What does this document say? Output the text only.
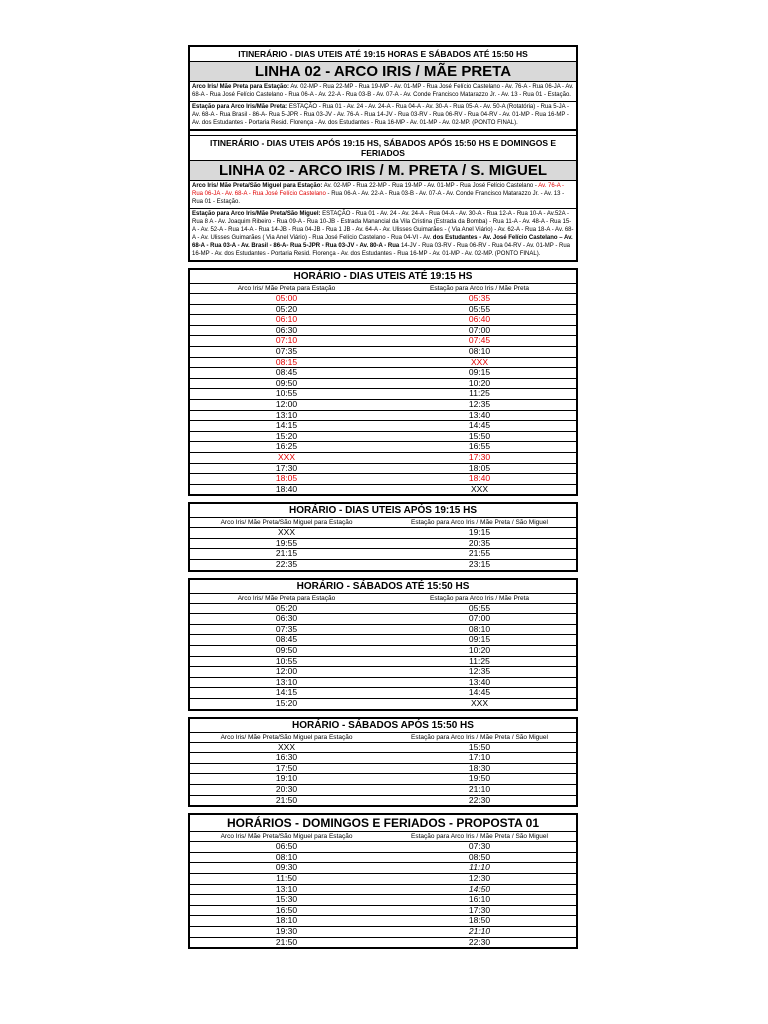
ITINERÁRIO - DIAS UTEIS ATÉ 19:15 HORAS E SÁBADOS ATÉ 15:50 HS
LINHA 02 - ARCO IRIS / MÃE PRETA
Arco Iris/ Mãe Preta para Estação: Av. 02-MP - Rua 22-MP - Rua 19-MP - Av. 01-MP - Rua José Felício Castelano - Av. 76-A - Rua 06-JA - Av. 68-A - Rua José Felício Castelano - Rua 06-A - Av. 22-A - Rua 03-B - Av. 07-A - Av. Conde Francisco Matarazzo Jr. - Av. 13 - Rua 01 - Estação.
Estação para Arco Iris/Mãe Preta: ESTAÇÃO - Rua 01 - Av. 24 - Av. 24-A - Rua 04-A - Av. 30-A - Rua 05-A - Av. 50-A (Rotatória) - Rua 5-JA - Av. 68-A - Rua Brasil - 86-A- Rua 5-JPR - Rua 03-JV - Av. 76-A - Rua 14-JV - Rua 03-RV - Rua 06-RV - Rua 04-RV - Av. 01-MP - Rua 16-MP - Av. dos Estudantes - Portaria Resid. Florença - Av. dos Estudantes - Rua 16-MP - Av. 01-MP - Av. 02-MP. (PONTO FINAL).
ITINERÁRIO - DIAS UTEIS APÓS 19:15 HS, SÁBADOS APÓS 15:50 HS E DOMINGOS E FERIADOS
LINHA 02 - ARCO IRIS / M. PRETA / S. MIGUEL
Arco Iris/ Mãe Preta/São Miguel para Estação: Av. 02-MP - Rua 22-MP - Rua 19-MP - Av. 01-MP - Rua José Felício Castelano - Av. 76-A - Rua 06-JA - Av. 68-A - Rua José Felício Castelano - Rua 06-A - Av. 22-A - Rua 03-B - Av. 07-A - Av. Conde Francisco Matarazzo Jr. - Av. 13 - Rua 01 - Estação.
Estação para Arco Iris/Mãe Preta/São Miguel: ESTAÇÃO - Rua 01 - Av. 24 - Av. 24-A - Rua 04-A - Av. 30-A - Rua 12-A - Rua 10-A - Av.52A - Rua 8 A - Av. Joaquim Ribeiro - Rua 09-A - Rua 10-JB - Estrada Manancial da Vila Cristina (Estrada da Bomba) - Rua 11-A - Av. 48-A - Rua 15-A - Av. 52-A - Rua 14-A - Rua 14-JB - Rua 04-JB - Rua 1 JB - Av. 64-A - Av. Ulisses Guimarães - ( Via Anel Viário) - Av. 62-A - Rua 18-A - Av. 68-A - Av. Ulisses Guimarães ( Via Anel Viário) - Rua José Felício Castelano - Rua 04-VI - Av. dos Estudantes - Av. José Felício Castelano – Av. 68-A - Rua 03-A - Av. Brasil - 86-A- Rua 5-JPR - Rua 03-JV - Av. 80-A - Rua 14-JV - Rua 03-RV - Rua 06-RV - Rua 04-RV - Av. 01-MP - Rua 16-MP - Av. dos Estudantes - Portaria Resid. Florença - Av. dos Estudantes - Rua 16-MP - Av. 01-MP - Av. 02-MP. (PONTO FINAL).
HORÁRIO - DIAS UTEIS ATÉ 19:15 HS
Arco Iris/ Mãe Preta para Estação	Estação para Arco Iris / Mãe Preta
05:00	05:35
05:20	05:55
06:10	06:40
06:30	07:00
07:10	07:45
07:35	08:10
08:15	XXX
08:45	09:15
09:50	10:20
10:55	11:25
12:00	12:35
13:10	13:40
14:15	14:45
15:20	15:50
16:25	16:55
XXX	17:30
17:30	18:05
18:05	18:40
18:40	XXX
HORÁRIO - DIAS UTEIS APÓS 19:15 HS
Arco Iris/ Mãe Preta/São Miguel para Estação	Estação para Arco Iris / Mãe Preta / São Miguel
XXX	19:15
19:55	20:35
21:15	21:55
22:35	23:15
HORÁRIO - SÁBADOS ATÉ 15:50 HS
Arco Iris/ Mãe Preta para Estação	Estação para Arco Iris / Mãe Preta
05:20	05:55
06:30	07:00
07:35	08:10
08:45	09:15
09:50	10:20
10:55	11:25
12:00	12:35
13:10	13:40
14:15	14:45
15:20	XXX
HORÁRIO - SÁBADOS APÓS 15:50 HS
Arco Iris/ Mãe Preta/São Miguel para Estação	Estação para Arco Iris / Mãe Preta / São Miguel
XXX	15:50
16:30	17:10
17:50	18:30
19:10	19:50
20:30	21:10
21:50	22:30
HORÁRIOS - DOMINGOS E FERIADOS - PROPOSTA 01
Arco Iris/ Mãe Preta/São Miguel para Estação	Estação para Arco Iris / Mãe Preta / São Miguel
06:50	07:30
08:10	08:50
09:30	11:10
11:50	12:30
13:10	14:50
15:30	16:10
16:50	17:30
18:10	18:50
19:30	21:10
21:50	22:30
